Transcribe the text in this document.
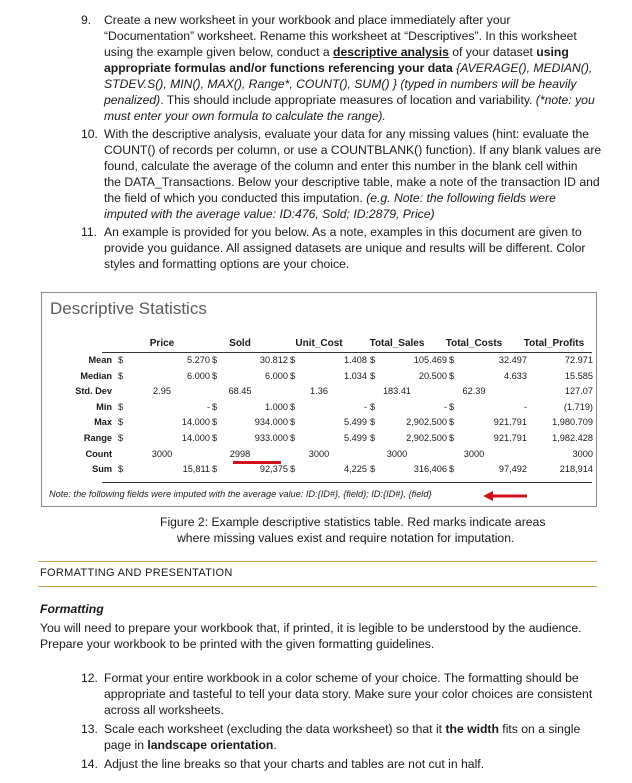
9. Create a new worksheet in your workbook and place immediately after your
“Documentation” worksheet. Rename this worksheet at “Descriptives”. In this worksheet
using the example given below, conduct a descriptive analysis of your dataset using
appropriate formulas and/or functions referencing your data {AVERAGE(), MEDIAN(),
STDEV.S(), MIN(), MAX(), Range*, COUNT(), SUM() } (typed in numbers will be heavily
penalized). This should include appropriate measures of location and variability. (*note: you
must enter your own formula to calculate the range).
10. With the descriptive analysis, evaluate your data for any missing values (hint: evaluate the
COUNT() of records per column, or use a COUNTBLANK() function). If any blank values are
found, calculate the average of the column and enter this number in the blank cell within
the DATA_Transactions. Below your descriptive table, make a note of the transaction ID and
the field of which you conducted this imputation. (e.g. Note: the following fields were
imputed with the average value: ID:476, Sold; ID:2879, Price)
11. An example is provided for you below. As a note, examples in this document are given to
provide you guidance. All assigned datasets are unique and results will be different. Color
styles and formatting options are your choice.
Descriptive Statistics
Price	Sold	Unit_Cost	Total_Sales	Total_Costs	Total_Profits
Mean $	5.270 $	30.812 $	1.408 $	105.469 $	32.497	72.971
Median $	6.000 $	6.000 $	1.034 $	20.500 $	4.633	15.585
Std. Dev	2.95	68.45	1.36	183.41	62.39	127.07
Min $	- $	1.000 $	- $	- $	-	(1.719)
Max $	14.000 $	934.000 $	5.499 $	2,902.500 $	921.791	1,980.709
Range $	14.000 $	933.000 $	5.499 $	2,902.500 $	921.791	1,982.428
Count	3000	2998	3000	3000	3000	3000
Sum $	15,811 $	92,375 $	4,225 $	316,406 $	97,492	218,914
Note: the following fields were imputed with the average value: ID:{ID#}, {field}; ID:{ID#}, {field}
Figure 2: Example descriptive statistics table. Red marks indicate areas
where missing values exist and require notation for imputation.
FORMATTING AND PRESENTATION
Formatting
You will need to prepare your workbook that, if printed, it is legible to be understood by the audience.
Prepare your workbook to be printed with the given formatting guidelines.
12. Format your entire workbook in a color scheme of your choice. The formatting should be
appropriate and tasteful to tell your data story. Make sure your color choices are consistent
across all worksheets.
13. Scale each worksheet (excluding the data worksheet) so that it the width fits on a single
page in landscape orientation.
14. Adjust the line breaks so that your charts and tables are not cut in half.
